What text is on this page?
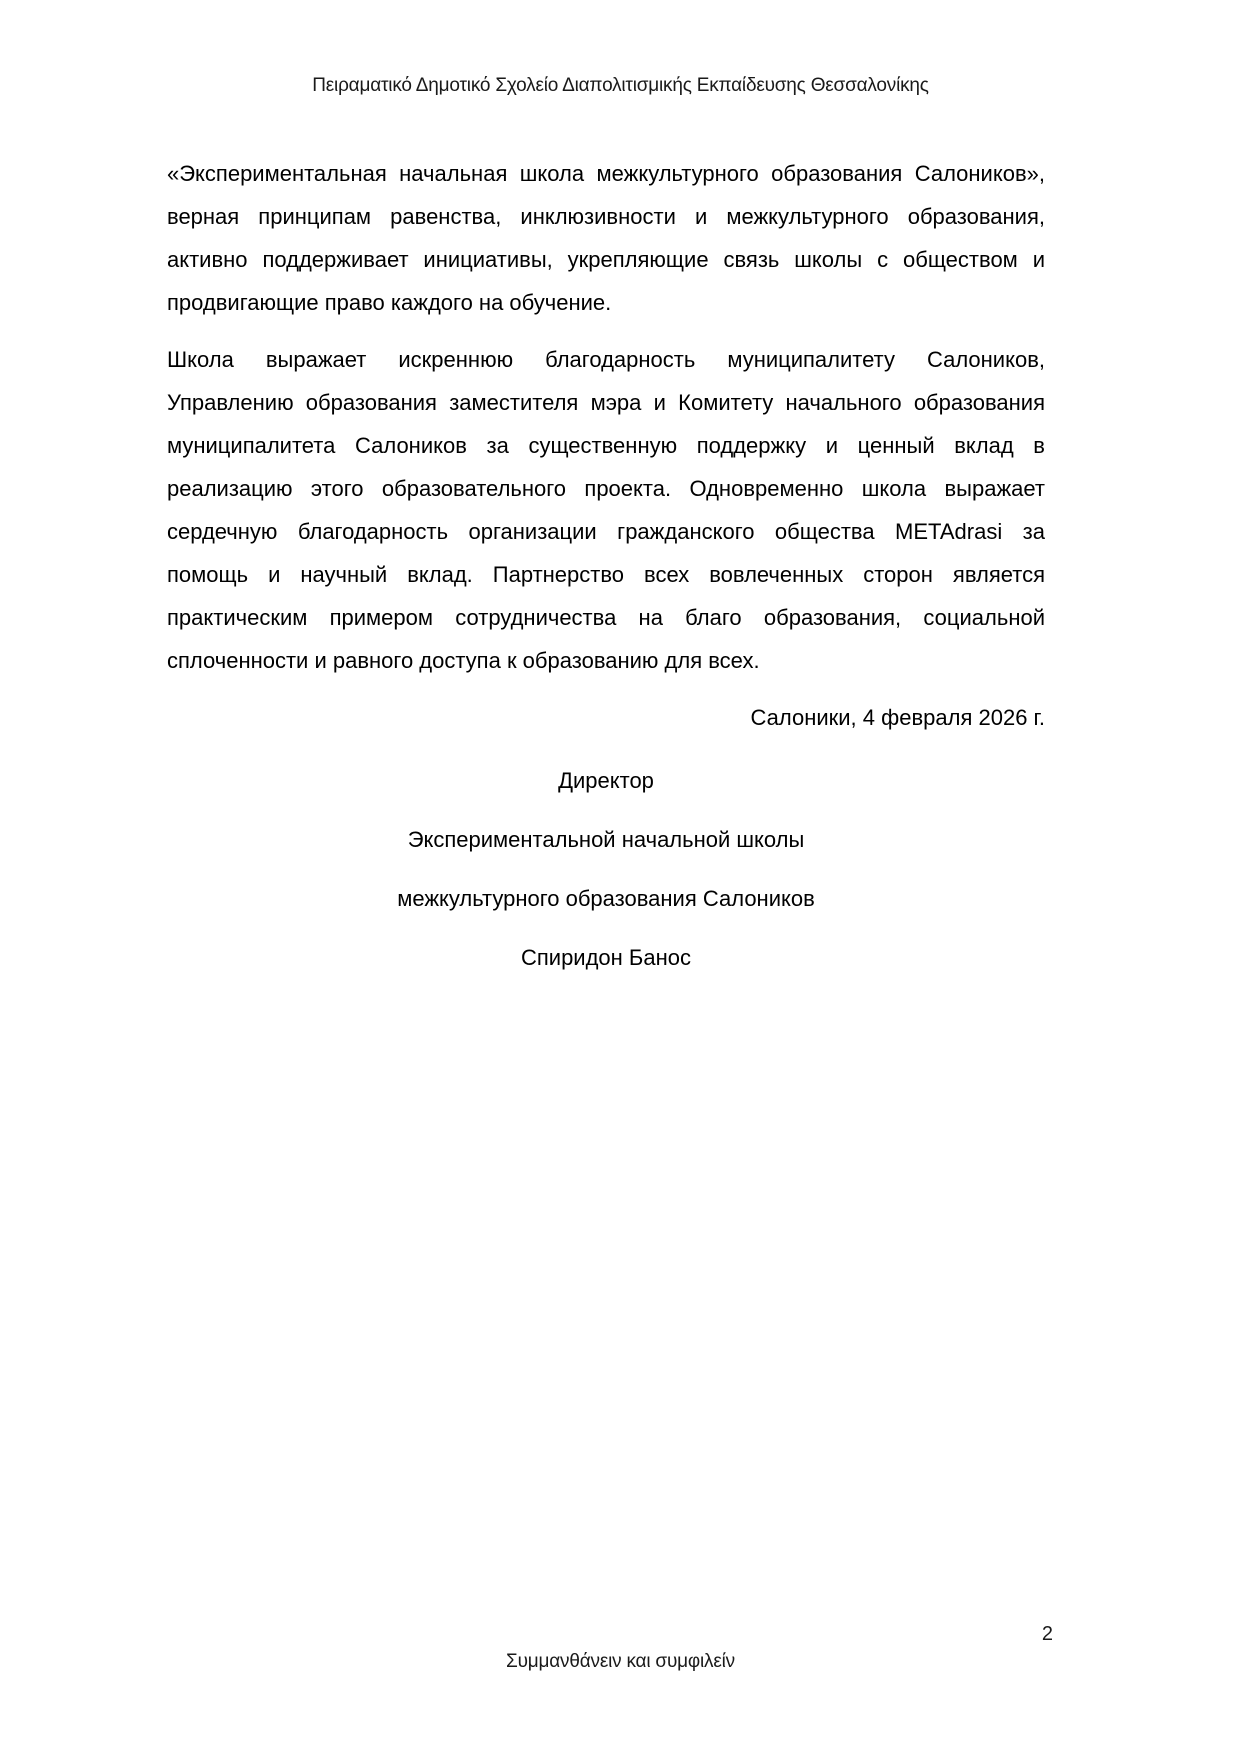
Πειραματικό Δημοτικό Σχολείο Διαπολιτισμικής Εκπαίδευσης Θεσσαλονίκης

«Экспериментальная начальная школа межкультурного образования Салоников», верная принципам равенства, инклюзивности и межкультурного образования, активно поддерживает инициативы, укрепляющие связь школы с обществом и продвигающие право каждого на обучение.

Школа выражает искреннюю благодарность муниципалитету Салоников, Управлению образования заместителя мэра и Комитету начального образования муниципалитета Салоников за существенную поддержку и ценный вклад в реализацию этого образовательного проекта. Одновременно школа выражает сердечную благодарность организации гражданского общества METAdrasi за помощь и научный вклад. Партнерство всех вовлеченных сторон является практическим примером сотрудничества на благо образования, социальной сплоченности и равного доступа к образованию для всех.

Салоники, 4 февраля 2026 г.

Директор

Экспериментальной начальной школы

межкультурного образования Салоников

Спиридон Банос

2
Συμμανθάνειν και συμφιλείν
